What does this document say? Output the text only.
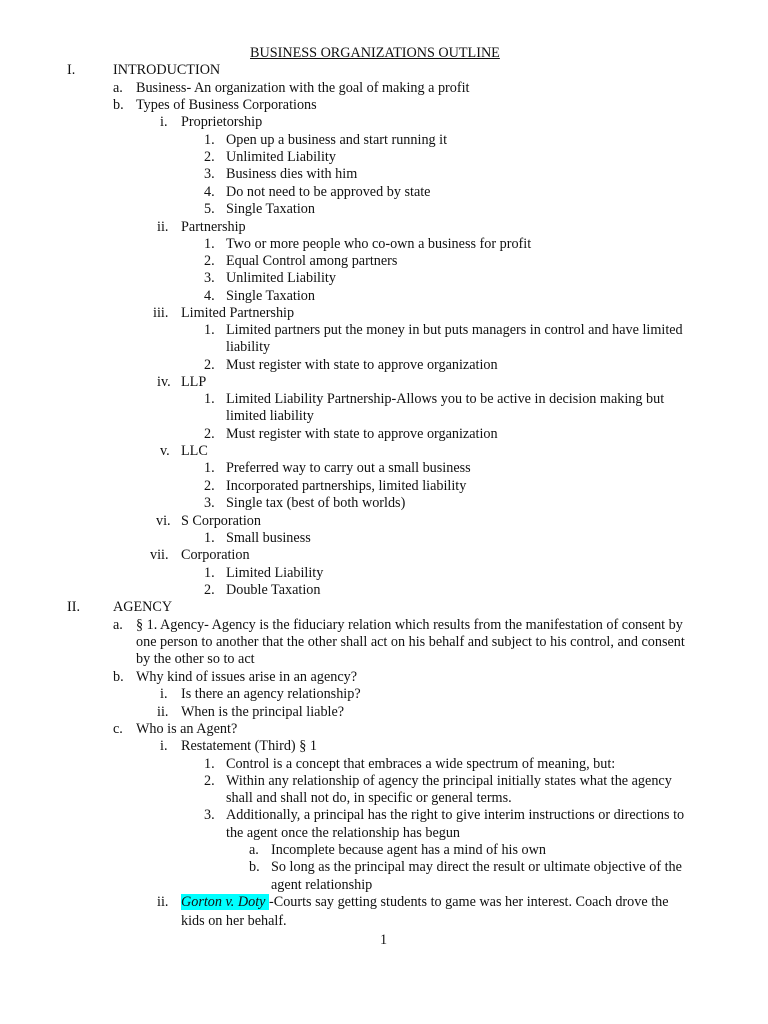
BUSINESS ORGANIZATIONS OUTLINE
I.	INTRODUCTION
a. Business- An organization with the goal of making a profit
b. Types of Business Corporations
i. Proprietorship
1. Open up a business and start running it
2. Unlimited Liability
3. Business dies with him
4. Do not need to be approved by state
5. Single Taxation
ii. Partnership
1. Two or more people who co-own a business for profit
2. Equal Control among partners
3. Unlimited Liability
4. Single Taxation
iii. Limited Partnership
1. Limited partners put the money in but puts managers in control and have limited
liability
2. Must register with state to approve organization
iv. LLP
1. Limited Liability Partnership-Allows you to be active in decision making but
limited liability
2. Must register with state to approve organization
v. LLC
1. Preferred way to carry out a small business
2. Incorporated partnerships, limited liability
3. Single tax (best of both worlds)
vi. S Corporation
1. Small business
vii. Corporation
1. Limited Liability
2. Double Taxation
II. AGENCY
a. § 1. Agency- Agency is the fiduciary relation which results from the manifestation of consent by
one person to another that the other shall act on his behalf and subject to his control, and consent
by the other so to act
b. Why kind of issues arise in an agency?
i. Is there an agency relationship?
ii. When is the principal liable?
c. Who is an Agent?
i. Restatement (Third) § 1
1. Control is a concept that embraces a wide spectrum of meaning, but:
2. Within any relationship of agency the principal initially states what the agency
shall and shall not do, in specific or general terms.
3. Additionally, a principal has the right to give interim instructions or directions to
the agent once the relationship has begun
a. Incomplete because agent has a mind of his own
b. So long as the principal may direct the result or ultimate objective of the
agent relationship
ii. Gorton v. Doty -Courts say getting students to game was her interest. Coach drove the
kids on her behalf.
1
